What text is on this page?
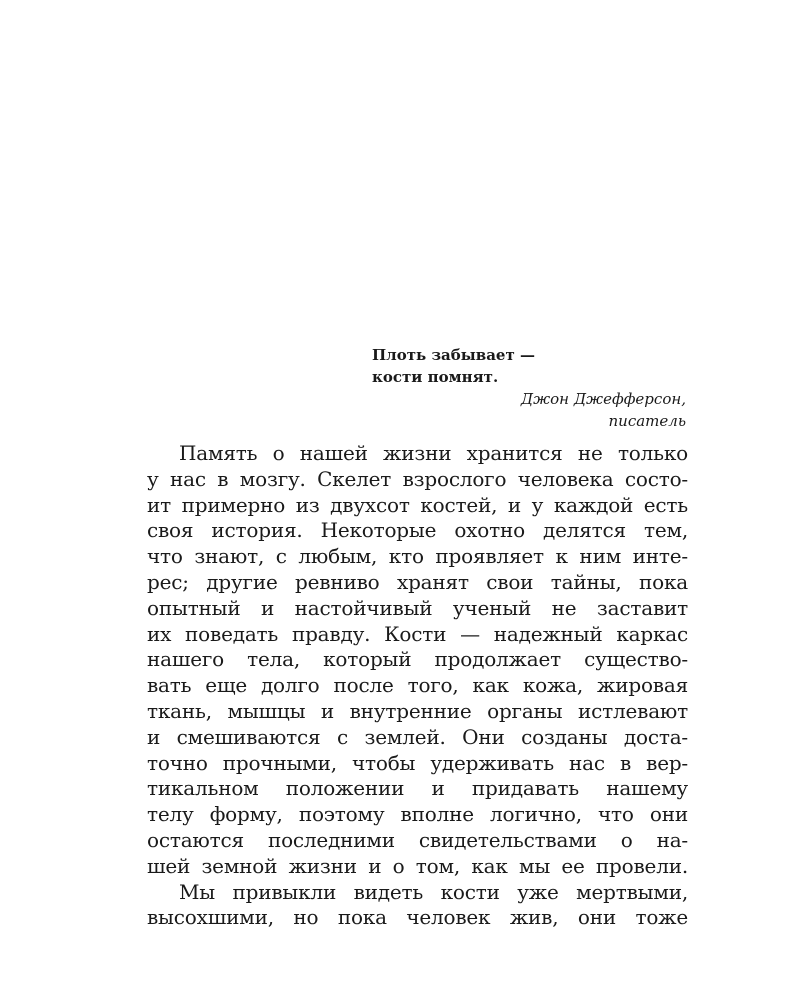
Плоть забывает —
кости помнят.

Джон Джефферсон,
писатель

Память о нашей жизни хранится не только
у нас в мозгу. Скелет взрослого человека состо-
ит примерно из двухсот костей, и у каждой есть
своя история. Некоторые охотно делятся тем,
что знают, с любым, кто проявляет к ним инте-
рес; другие ревниво хранят свои тайны, пока
опытный и настойчивый ученый не заставит
их поведать правду. Кости — надежный каркас
нашего тела, который продолжает существо-
вать еще долго после того, как кожа, жировая
ткань, мышцы и внутренние органы истлевают
и смешиваются с землей. Они созданы доста-
точно прочными, чтобы удерживать нас в вер-
тикальном положении и придавать нашему
телу форму, поэтому вполне логично, что они
остаются последними свидетельствами о на-
шей земной жизни и о том, как мы ее провели.
Мы привыкли видеть кости уже мертвыми,
высохшими, но пока человек жив, они тоже
